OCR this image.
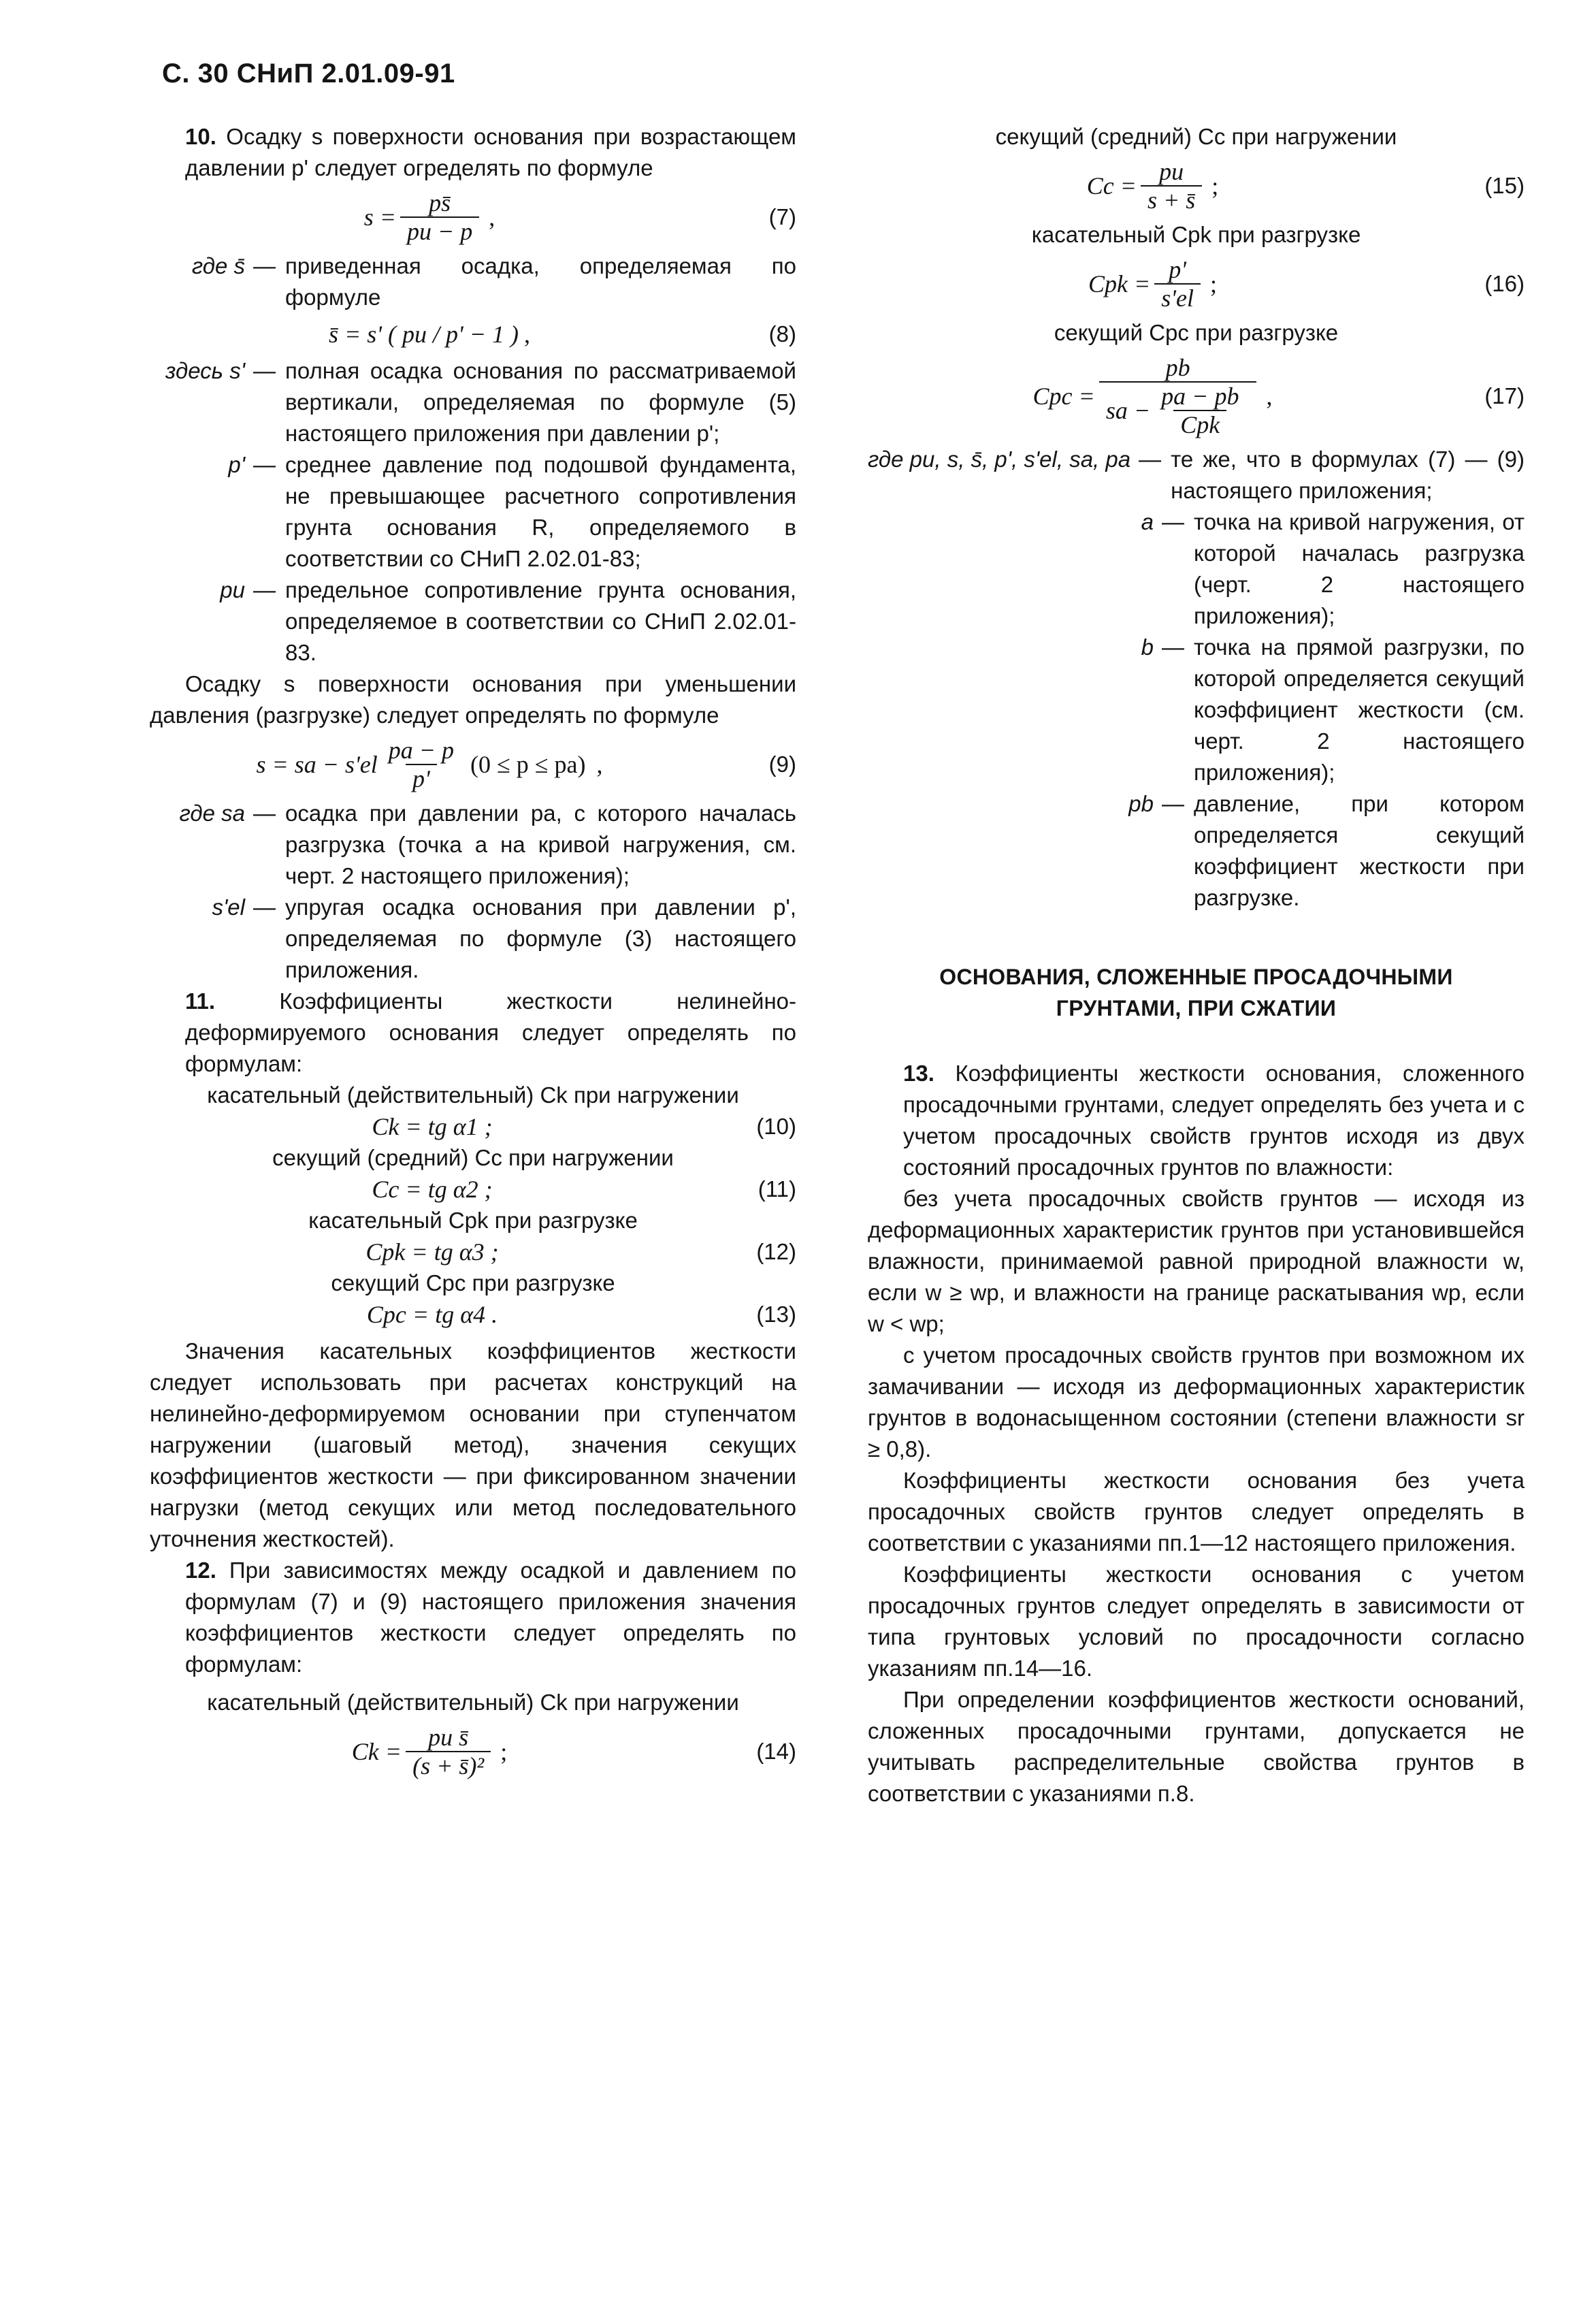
С. 30 СНиП 2.01.09-91

10. Осадку s поверхности основания при возрастающем давлении p' следует огределять по формуле

$s = \frac{ps̄}{pu - p}$ ,	(7)
где s̄ — приведенная осадка, определяемая по формуле
s̄ = s' ( pu / p' − 1 ) ,	(8)
здесь s' — полная осадка основания по рассматриваемой вертикали, определяемая по формуле (5) настоящего приложения при давлении p';
p' — среднее давление под подошвой фундамента, не превышающее расчетного сопротивления грунта основания R, определяемого в соответствии со СНиП 2.02.01-83;
pu — предельное сопротивление грунта основания, определяемое в соответствии со СНиП 2.02.01-83.

Осадку s поверхности основания при уменьшении давления (разгрузке) следует определять по формуле

s = sa − $s'el \frac{pa - p}{p'} (0 \le p \le pa)$ ,	(9)
где sa — осадка при давлении pa, с которого началась разгрузка (точка a на кривой нагружения, см. черт. 2 настоящего приложения);
s'el — упругая осадка основания при давлении p', определяемая по формуле (3) настоящего приложения.

11.	Коэффициенты жесткости нелинейно-деформируемого основания следует определять по формулам:

касательный (действительный) Ck при нагружении

Ck = tg α1 ;	(10)

секущий (средний) Cc при нагружении

Cc = tg α2 ;	(11)

касательный Cpk при разгрузке

Cpk = tg α3 ;	(12)

секущий Cpc при разгрузке

Cpc = tg α4 .	(13)

Значения касательных коэффициентов жесткости следует использовать при расчетах конструкций на нелинейно-деформируемом основании при ступенчатом нагружении (шаговый метод), значения секущих коэффициентов жесткости — при фиксированном значении нагрузки (метод секущих или метод последовательного уточнения жесткостей).

12. При зависимостях между осадкой и давлением по формулам (7) и (9) настоящего приложения значения коэффициентов жесткости следует определять по формулам:

касательный (действительный) Ck при нагружении

$Ck = \frac{\text{pu s̄}}{\text{(s + s̄)²}}$ ;	(14)

секущий (средний) Cc при нагружении

$Cc = \frac{pu}{s + s̄}$ ;	(15)

касательный Cpk при разгрузке

Cpk = $\frac{p'}{s'el}$ ;	(16)

секущий Cpc при разгрузке

Cpc = $\frac{pb}{sa - \frac{pa - pb}{\text{Cpk}}}$ ,	(17)
где pu, s, s̄, p', s'el, sa, pa — те же, что в формулах (7) — (9) настоящего приложения;
a — точка на кривой нагружения, от которой началась разгрузка (черт. 2 настоящего приложения);
b — точка на прямой разгрузки, по которой определяется секущий коэффициент жесткости (см. черт. 2 настоящего приложения);
pb — давление, при котором определяется секущий коэффициент жесткости при разгрузке.

ОСНОВАНИЯ, СЛОЖЕННЫЕ ПРОСАДОЧНЫМИ

ГРУНТАМИ, ПРИ СЖАТИИ

13. Коэффициенты жесткости основания, сложенного просадочными грунтами, следует определять без учета и с учетом просадочных свойств грунтов исходя из двух состояний просадочных грунтов по влажности:

без учета просадочных свойств грунтов — исходя из деформационных характеристик грунтов при установившейся влажности, принимаемой равной природной влажности w, если w ≥ wp, и влажности на границе раскатывания wp, если w < wp;

с учетом просадочных свойств грунтов при возможном их замачивании — исходя из деформационных характеристик грунтов в водонасыщенном состоянии (степени влажности sr ≥ 0,8).

Коэффициенты жесткости основания без учета просадочных свойств грунтов следует определять в соответствии с указаниями пп.1—12 настоящего приложения.

Коэффициенты жесткости основания с учетом просадочных грунтов следует определять в зависимости от типа грунтовых условий по просадочности согласно указаниям пп.14—16.

При определении коэффициентов жесткости оснований, сложенных просадочными грунтами, допускается не учитывать распределительные свойства грунтов в соответствии с указаниями п.8.
